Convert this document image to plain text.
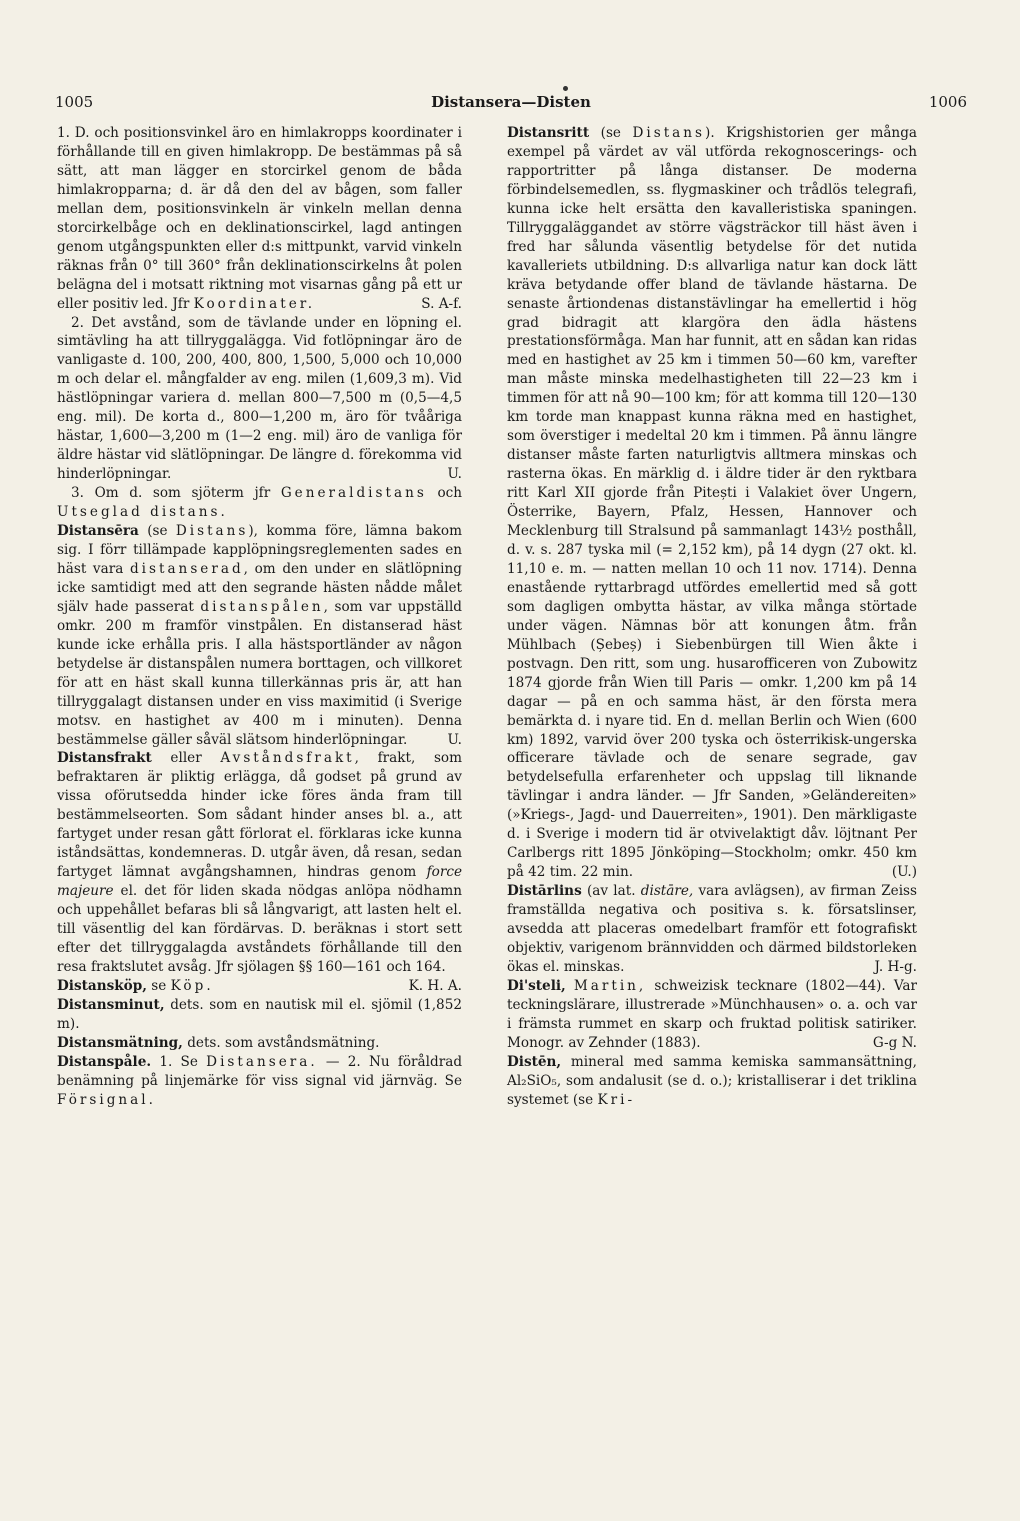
1005	Distansera—Disten	1006

1. D. och positionsvinkel äro en himlakropps koordinater i förhållande till en given himlakropp. De bestämmas på så sätt, att man lägger en storcirkel genom de båda himlakropparna; d. är då den del av bågen, som faller mellan dem, positionsvinkeln är vinkeln mellan denna storcirkelbåge och en deklinationscirkel, lagd antingen genom utgångspunkten eller d:s mittpunkt, varvid vinkeln räknas från 0° till 360° från deklinationscirkelns åt polen belägna del i motsatt riktning mot visarnas gång på ett ur eller positiv led. Jfr Koordinater.	S. A-f.

2. Det avstånd, som de tävlande under en löpning el. simtävling ha att tillryggalägga. Vid fotlöpningar äro de vanligaste d. 100, 200, 400, 800, 1,500, 5,000 och 10,000 m och delar el. mångfalder av eng. milen (1,609,3 m). Vid hästlöpningar variera d. mellan 800—7,500 m (0,5—4,5 eng. mil). De korta d., 800—1,200 m, äro för tvååriga hästar, 1,600—3,200 m (1—2 eng. mil) äro de vanliga för äldre hästar vid slätlöpningar. De längre d. förekomma vid hinderlöpningar.	U.

3. Om d. som sjöterm jfr Generaldistans och Utseglad distans.

Distansēra (se Distans), komma före, lämna bakom sig. I förr tillämpade kapplöpningsreglementen sades en häst vara distanserad, om den under en slätlöpning icke samtidigt med att den segrande hästen nådde målet själv hade passerat distanspålen, som var uppställd omkr. 200 m framför vinstpålen. En distanserad häst kunde icke erhålla pris. I alla hästsportländer av någon betydelse är distanspålen numera borttagen, och villkoret för att en häst skall kunna tillerkännas pris är, att han tillryggalagt distansen under en viss maximitid (i Sverige motsv. en hastighet av 400 m i minuten). Denna bestämmelse gäller såväl slätsom hinderlöpningar.	U.

Distansfrakt eller Avståndsfrakt, frakt, som befraktaren är pliktig erlägga, då godset på grund av vissa oförutsedda hinder icke föres ända fram till bestämmelseorten. Som sådant hinder anses bl. a., att fartyget under resan gått förlorat el. förklaras icke kunna iståndsättas, kondemneras. D. utgår även, då resan, sedan fartyget lämnat avgångshamnen, hindras genom force majeure el. det för liden skada nödgas anlöpa nödhamn och uppehållet befaras bli så långvarigt, att lasten helt el. till väsentlig del kan fördärvas. D. beräknas i stort sett efter det tillryggalagda avståndets förhållande till den resa fraktslutet avsåg. Jfr sjölagen §§ 160—161 och 164.
K. H. A.

Distansköp, se Köp.

Distansminut, dets. som en nautisk mil el. sjömil (1,852 m).

Distansmätning, dets. som avståndsmätning.

Distanspåle. 1. Se Distansera. — 2. Nu föråldrad benämning på linjemärke för viss signal vid järnväg. Se Försignal.

Distansritt (se Distans). Krigshistorien ger många exempel på värdet av väl utförda rekognoscerings- och rapportritter på långa distanser. De moderna förbindelsemedlen, ss. flygmaskiner och trådlös telegrafi, kunna icke helt ersätta den kavalleristiska spaningen. Tillryggaläggandet av större vägsträckor till häst även i fred har sålunda väsentlig betydelse för det nutida kavalleriets utbildning. D:s allvarliga natur kan dock lätt kräva betydande offer bland de tävlande hästarna. De senaste årtiondenas distanstävlingar ha emellertid i hög grad bidragit att klargöra den ädla hästens prestationsförmåga. Man har funnit, att en sådan kan ridas med en hastighet av 25 km i timmen 50—60 km, varefter man måste minska medelhastigheten till 22—23 km i timmen för att nå 90—100 km; för att komma till 120—130 km torde man knappast kunna räkna med en hastighet, som överstiger i medeltal 20 km i timmen. På ännu längre distanser måste farten naturligtvis alltmera minskas och rasterna ökas. En märklig d. i äldre tider är den ryktbara ritt Karl XII gjorde från Pitești i Valakiet över Ungern, Österrike, Bayern, Pfalz, Hessen, Hannover och Mecklenburg till Stralsund på sammanlagt 143½ posthåll, d. v. s. 287 tyska mil (= 2,152 km), på 14 dygn (27 okt. kl. 11,10 e. m. — natten mellan 10 och 11 nov. 1714). Denna enastående ryttarbragd utfördes emellertid med så gott som dagligen ombytta hästar, av vilka många störtade under vägen. Nämnas bör att konungen åtm. från Mühlbach (Șebeș) i Siebenbürgen till Wien åkte i postvagn. Den ritt, som ung. husarofficeren von Zubowitz 1874 gjorde från Wien till Paris — omkr. 1,200 km på 14 dagar — på en och samma häst, är den första mera bemärkta d. i nyare tid. En d. mellan Berlin och Wien (600 km) 1892, varvid över 200 tyska och österrikisk-ungerska officerare tävlade och de senare segrade, gav betydelsefulla erfarenheter och uppslag till liknande tävlingar i andra länder. — Jfr Sanden, »Geländereiten» (»Kriegs-, Jagd- und Dauerreiten», 1901). Den märkligaste d. i Sverige i modern tid är otvivelaktigt dåv. löjtnant Per Carlbergs ritt 1895 Jönköping—Stockholm; omkr. 450 km på 42 tim. 22 min.	(U.)

Distārlins (av lat. distāre, vara avlägsen), av firman Zeiss framställda negativa och positiva s. k. försatslinser, avsedda att placeras omedelbart framför ett fotografiskt objektiv, varigenom brännvidden och därmed bildstorleken ökas el. minskas.	J. H-g.

Di'steli, Martin, schweizisk tecknare (1802—44). Var teckningslärare, illustrerade »Münchhausen» o. a. och var i främsta rummet en skarp och fruktad politisk satiriker. Monogr. av Zehnder (1883).	G-g N.

Distēn, mineral med samma kemiska sammansättning, Al₂SiO₅, som andalusit (se d. o.); kristalliserar i det triklina systemet (se Kri-
